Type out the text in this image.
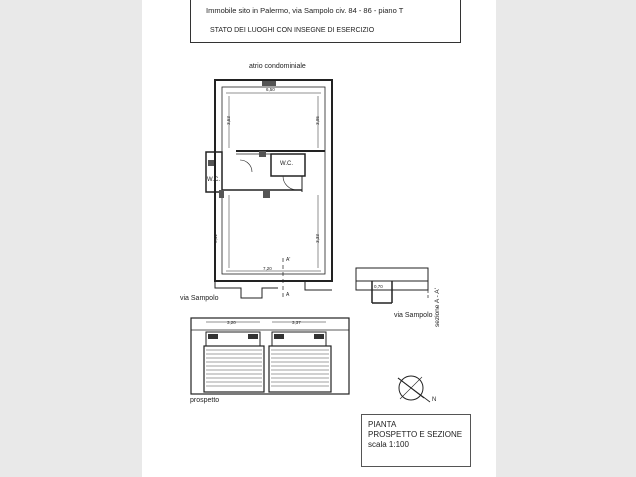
Immobile sito in Palermo, via Sampolo civ. 84 - 86 - piano T
STATO DEI LUOGHI CON INSEGNE DI ESERCIZIO
atrio condominiale
6,50
7,20
5,41	3,33
3,53	3,95
W.C.
W.C.
A'
A
0,70
via Sampolo
via Sampolo sezione A - A'
3,20	3,37
prospetto	N
PIANTA
PROSPETTO E SEZIONE
scala 1:100
